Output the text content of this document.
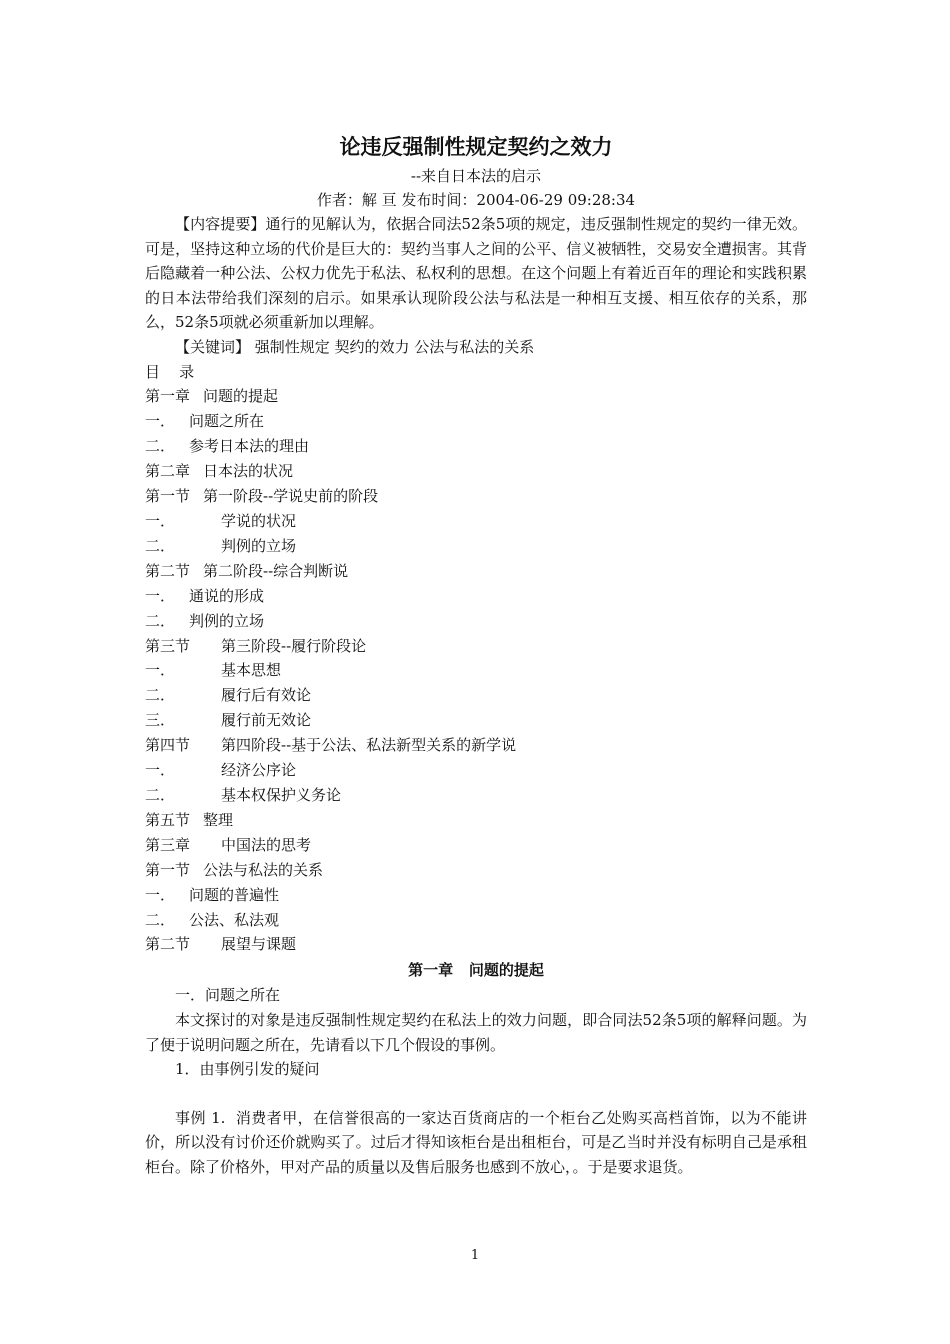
论违反强制性规定契约之效力
--来自日本法的启示
作者：解 亘 发布时间：2004-06-29 09:28:34

【内容提要】通行的见解认为，依据合同法52条5项的规定，违反强制性规定的契约一律无效。可是，坚持这种立场的代价是巨大的：契约当事人之间的公平、信义被牺牲，交易安全遭损害。其背后隐藏着一种公法、公权力优先于私法、私权利的思想。在这个问题上有着近百年的理论和实践积累的日本法带给我们深刻的启示。如果承认现阶段公法与私法是一种相互支援、相互依存的关系，那么，52条5项就必须重新加以理解。

【关键词】 强制性规定 契约的效力 公法与私法的关系

目    录
第一章 问题的提起
一． 问题之所在
二． 参考日本法的理由
第二章 日本法的状况
第一节 第一阶段--学说史前的阶段
一．	学说的状况
二．	判例的立场
第二节 第二阶段--综合判断说
一． 通说的形成
二． 判例的立场
第三节 第三阶段--履行阶段论
一．	基本思想
二．	履行后有效论
三．	履行前无效论
第四节 第四阶段--基于公法、私法新型关系的新学说
一．	经济公序论
二．	基本权保护义务论
第五节 整理
第三章 中国法的思考
第一节 公法与私法的关系
一． 问题的普遍性
二． 公法、私法观
第二节 展望与课题
第一章   问题的提起

一．问题之所在

本文探讨的对象是违反强制性规定契约在私法上的效力问题，即合同法52条5项的解释问题。为了便于说明问题之所在，先请看以下几个假设的事例。

1．由事例引发的疑问

事例 1.  消费者甲，在信誉很高的一家达百货商店的一个柜台乙处购买高档首饰，以为不能讲价，所以没有讨价还价就购买了。过后才得知该柜台是出租柜台，可是乙当时并没有标明自己是承租柜台。除了价格外，甲对产品的质量以及售后服务也感到不放心，。于是要求退货。

1
